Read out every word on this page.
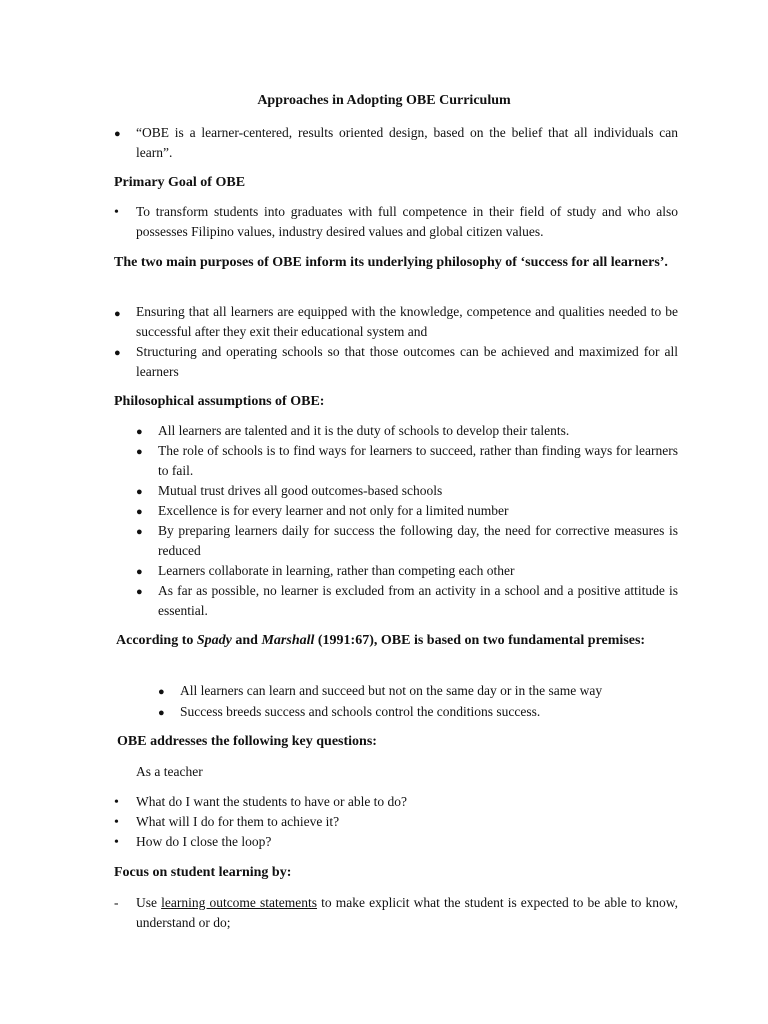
Approaches in Adopting OBE Curriculum
● “OBE is a learner-centered, results oriented design, based on the belief that all individuals can learn”.
Primary Goal of OBE
• To transform students into graduates with full competence in their field of study and who also possesses Filipino values, industry desired values and global citizen values.
The two main purposes of OBE inform its underlying philosophy of ‘success for all learners’.
● Ensuring that all learners are equipped with the knowledge, competence and qualities needed to be successful after they exit their educational system and
● Structuring and operating schools so that those outcomes can be achieved and maximized for all learners
Philosophical assumptions of OBE:
● All learners are talented and it is the duty of schools to develop their talents.
● The role of schools is to find ways for learners to succeed, rather than finding ways for learners to fail.
● Mutual trust drives all good outcomes-based schools
● Excellence is for every learner and not only for a limited number
● By preparing learners daily for success the following day, the need for corrective measures is reduced
● Learners collaborate in learning, rather than competing each other
● As far as possible, no learner is excluded from an activity in a school and a positive attitude is essential.
According to Spady and Marshall (1991:67), OBE is based on two fundamental premises:
● All learners can learn and succeed but not on the same day or in the same way
● Success breeds success and schools control the conditions success.
OBE addresses the following key questions:
As a teacher
• What do I want the students to have or able to do?
• What will I do for them to achieve it?
• How do I close the loop?
Focus on student learning by:
- Use learning outcome statements to make explicit what the student is expected to be able to know, understand or do;
